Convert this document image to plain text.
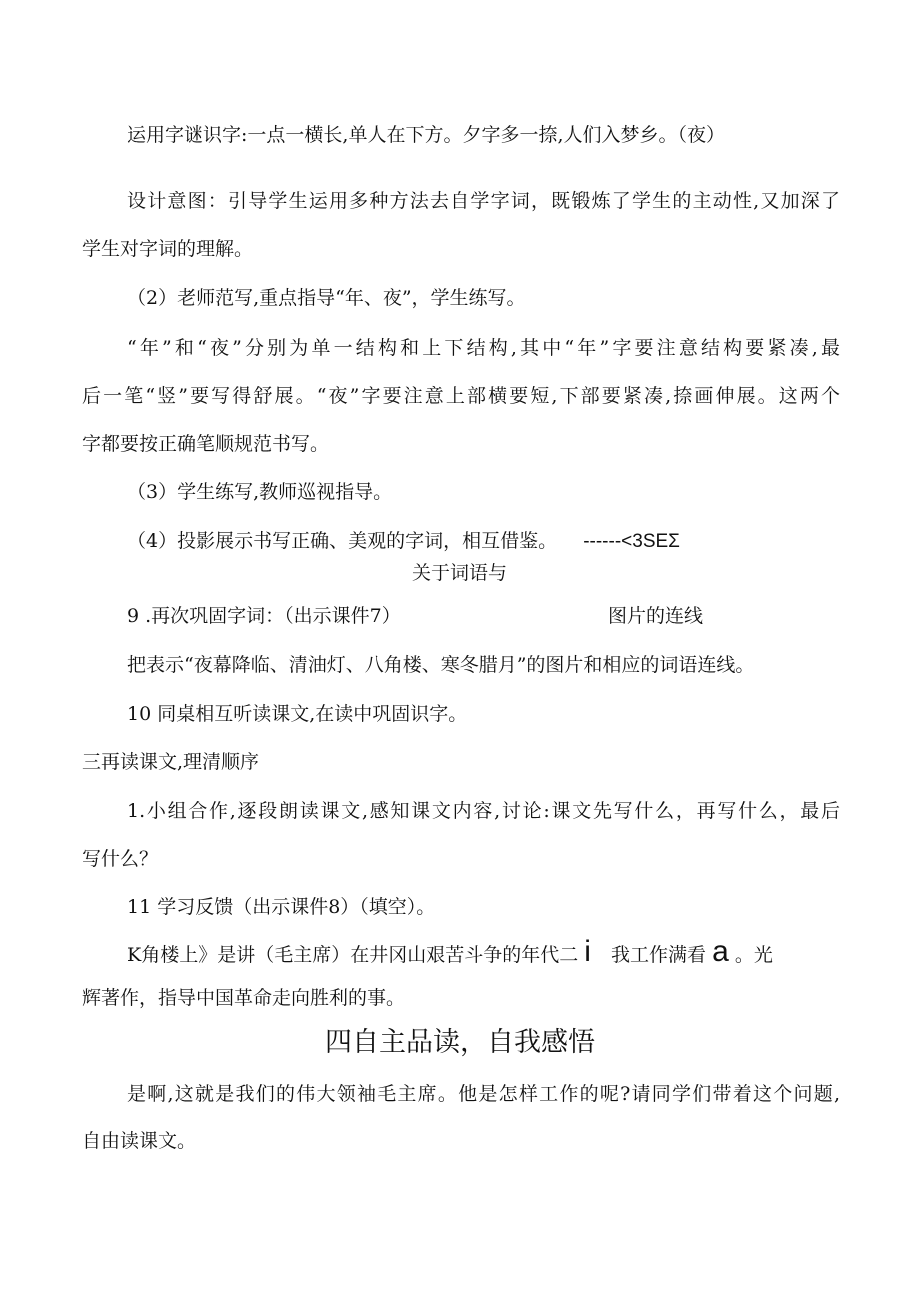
运用字谜识字:一点一横长,单人在下方。夕字多一捺,人们入梦乡。（夜）
设计意图：引导学生运用多种方法去自学字词，既锻炼了学生的主动性,又加深了
学生对字词的理解。
（2）老师范写,重点指导“年、夜”，学生练写。
“年”和“夜”分别为单一结构和上下结构,其中“年”字要注意结构要紧凑,最
后一笔“竖”要写得舒展。“夜”字要注意上部横要短,下部要紧凑,捺画伸展。这两个
字都要按正确笔顺规范书写。
（3）学生练写,教师巡视指导。
（4）投影展示书写正确、美观的字词，相互借鉴。 ------<3SEΣ
关于词语与
9 .再次巩固字词：（出示课件7）	图片的连线
把表示“夜幕降临、清油灯、八角楼、寒冬腊月”的图片和相应的词语连线。
10 同桌相互听读课文,在读中巩固识字。
三再读课文,理清顺序
1.小组合作,逐段朗读课文,感知课文内容,讨论:课文先写什么，再写什么，最后
写什么？
11 学习反馈（出示课件8）（填空）。
K角楼上》是讲（毛主席）在井冈山艰苦斗争的年代二 i 我工作满看 a 。光
辉著作，指导中国革命走向胜利的事。
四自主品读，自我感悟
是啊,这就是我们的伟大领袖毛主席。他是怎样工作的呢?请同学们带着这个问题,
自由读课文。
